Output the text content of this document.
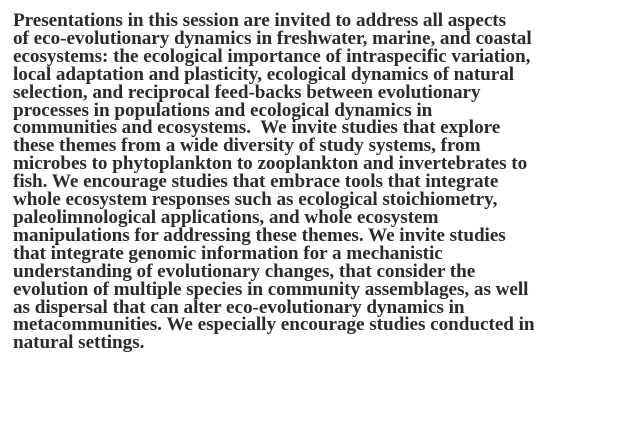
Presentations in this session are invited to address all aspects
of eco-evolutionary dynamics in freshwater, marine, and coastal
ecosystems: the ecological importance of intraspecific variation,
local adaptation and plasticity, ecological dynamics of natural
selection, and reciprocal feed-backs between evolutionary
processes in populations and ecological dynamics in
communities and ecosystems.  We invite studies that explore
these themes from a wide diversity of study systems, from
microbes to phytoplankton to zooplankton and invertebrates to
fish. We encourage studies that embrace tools that integrate
whole ecosystem responses such as ecological stoichiometry,
paleolimnological applications, and whole ecosystem
manipulations for addressing these themes. We invite studies
that integrate genomic information for a mechanistic
understanding of evolutionary changes, that consider the
evolution of multiple species in community assemblages, as well
as dispersal that can alter eco-evolutionary dynamics in
metacommunities. We especially encourage studies conducted in
natural settings.
